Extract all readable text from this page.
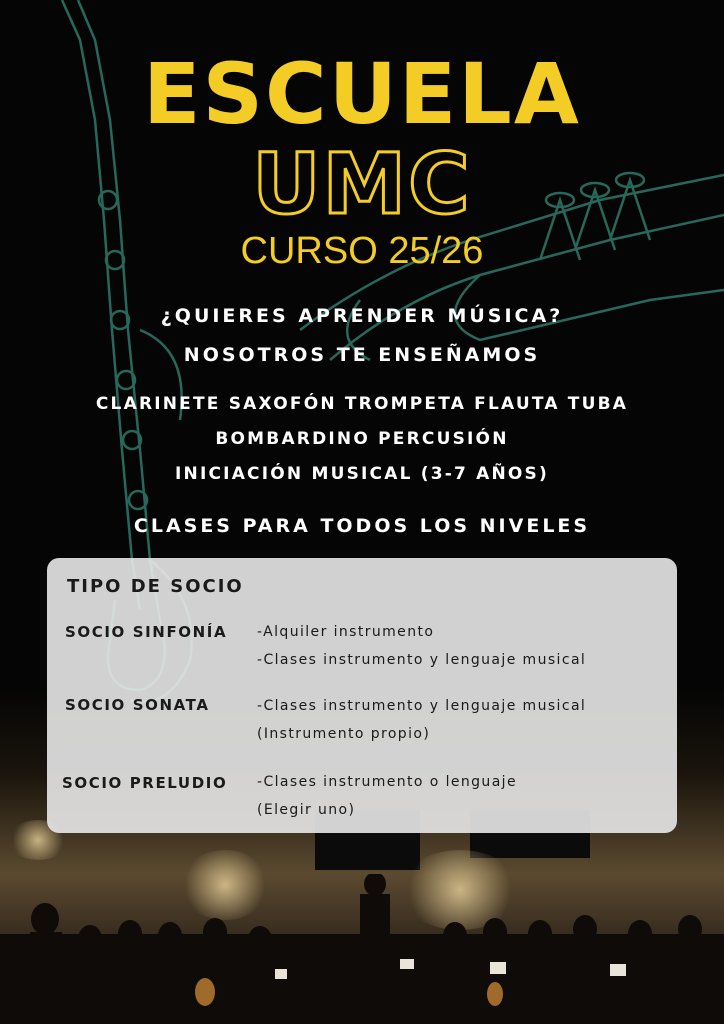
ESCUELA
UMC
CURSO 25/26
¿QUIERES APRENDER MÚSICA?
NOSOTROS TE ENSEÑAMOS
CLARINETE SAXOFÓN TROMPETA FLAUTA TUBA
BOMBARDINO PERCUSIÓN
INICIACIÓN MUSICAL (3-7 AÑOS)
CLASES PARA TODOS LOS NIVELES
TIPO DE SOCIO
SOCIO SINFONÍA -Alquiler instrumento
-Clases instrumento y lenguaje musical
SOCIO SONATA	-Clases instrumento y lenguaje musical
(Instrumento propio)
SOCIO PRELUDIO -Clases instrumento o lenguaje
(Elegir uno)
